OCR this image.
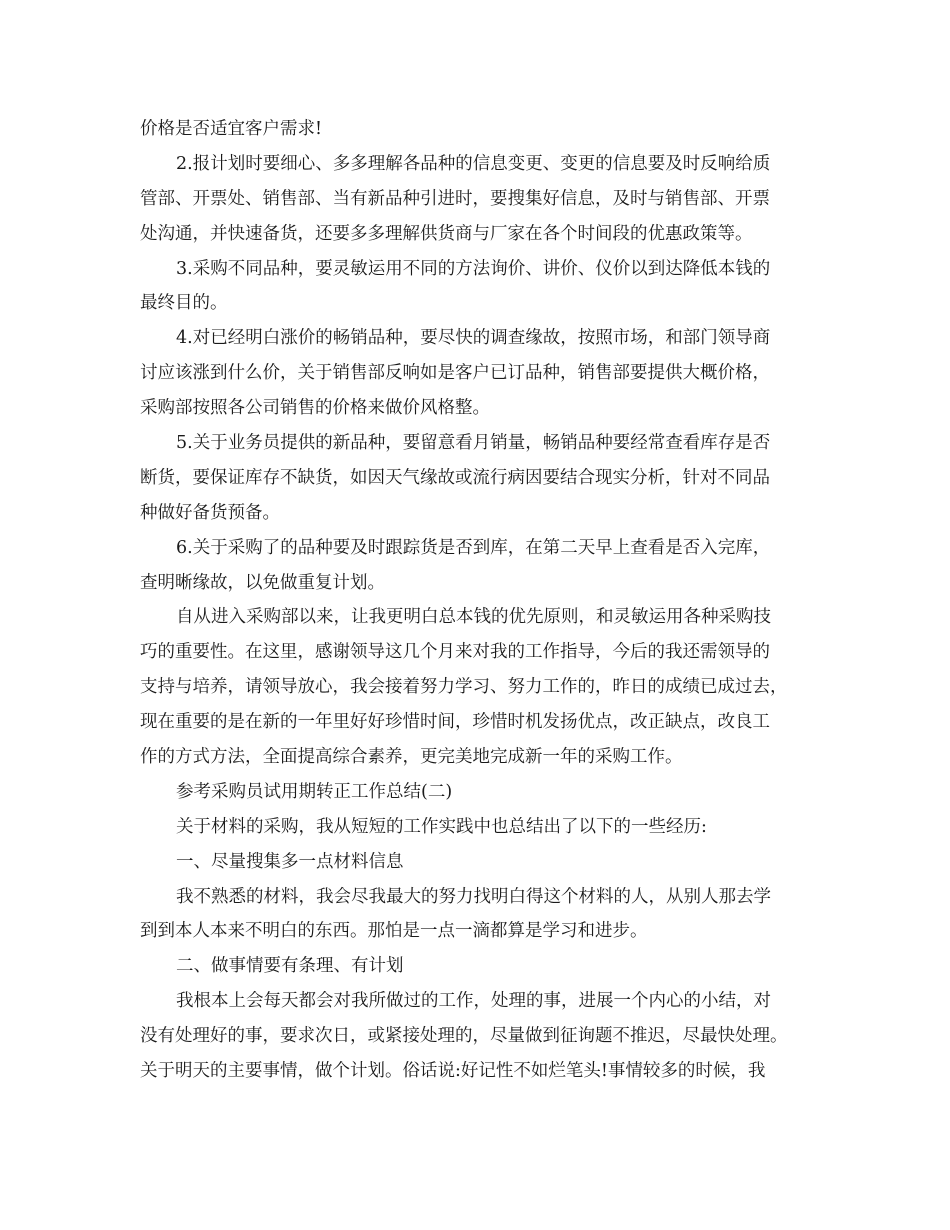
价格是否适宜客户需求!
2.报计划时要细心、多多理解各品种的信息变更、变更的信息要及时反响给质
管部、开票处、销售部、当有新品种引进时，要搜集好信息，及时与销售部、开票
处沟通，并快速备货，还要多多理解供货商与厂家在各个时间段的优惠政策等。
3.采购不同品种，要灵敏运用不同的方法询价、讲价、仪价以到达降低本钱的
最终目的。
4.对已经明白涨价的畅销品种，要尽快的调查缘故，按照市场，和部门领导商
讨应该涨到什么价，关于销售部反响如是客户已订品种，销售部要提供大概价格，
采购部按照各公司销售的价格来做价风格整。
5.关于业务员提供的新品种，要留意看月销量，畅销品种要经常查看库存是否
断货，要保证库存不缺货，如因天气缘故或流行病因要结合现实分析，针对不同品
种做好备货预备。
6.关于采购了的品种要及时跟踪货是否到库，在第二天早上查看是否入完库，
查明晰缘故，以免做重复计划。
自从进入采购部以来，让我更明白总本钱的优先原则，和灵敏运用各种采购技
巧的重要性。在这里，感谢领导这几个月来对我的工作指导，今后的我还需领导的
支持与培养，请领导放心，我会接着努力学习、努力工作的，昨日的成绩已成过去，
现在重要的是在新的一年里好好珍惜时间，珍惜时机发扬优点，改正缺点，改良工
作的方式方法，全面提高综合素养，更完美地完成新一年的采购工作。
参考采购员试用期转正工作总结(二)
关于材料的采购，我从短短的工作实践中也总结出了以下的一些经历:
一、尽量搜集多一点材料信息
我不熟悉的材料，我会尽我最大的努力找明白得这个材料的人，从别人那去学
到到本人本来不明白的东西。那怕是一点一滴都算是学习和进步。
二、做事情要有条理、有计划
我根本上会每天都会对我所做过的工作，处理的事，进展一个内心的小结，对
没有处理好的事，要求次日，或紧接处理的，尽量做到征询题不推迟，尽最快处理。
关于明天的主要事情，做个计划。俗话说:好记性不如烂笔头!事情较多的时候，我
